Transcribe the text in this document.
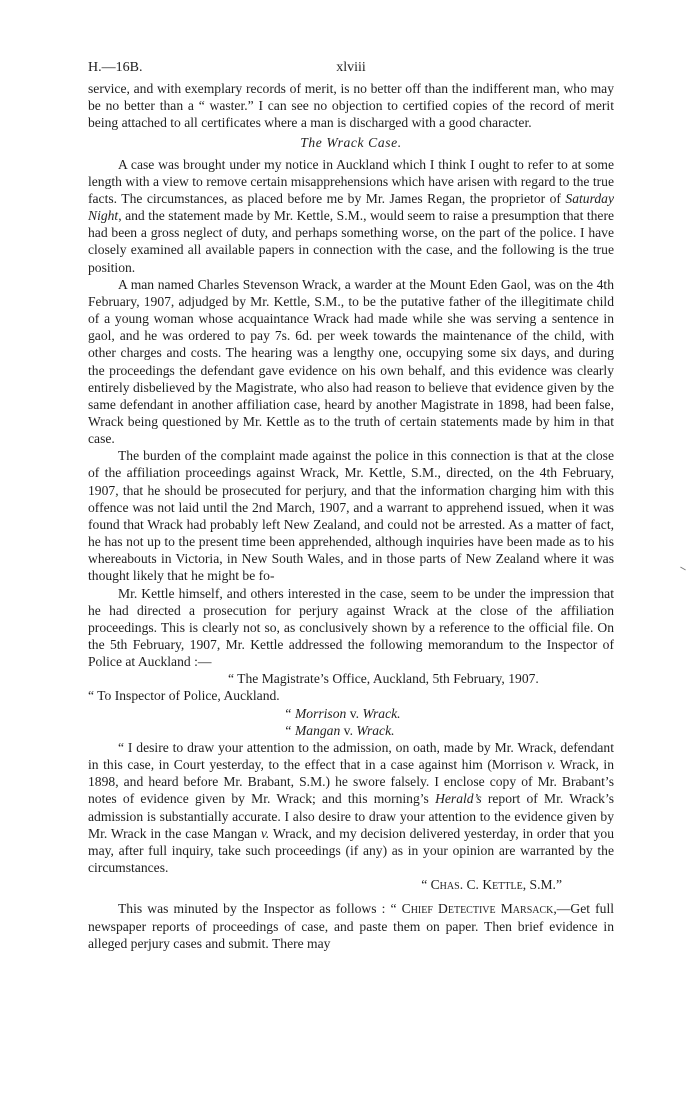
H.—16B.	xlviii

service, and with exemplary records of merit, is no better off than the indifferent man, who may be no better than a “ waster.” I can see no objection to certified copies of the record of merit being attached to all certificates where a man is discharged with a good character.

The Wrack Case.

A case was brought under my notice in Auckland which I think I ought to refer to at some length with a view to remove certain misapprehensions which have arisen with regard to the true facts. The circumstances, as placed before me by Mr. James Regan, the proprietor of Saturday Night, and the statement made by Mr. Kettle, S.M., would seem to raise a presumption that there had been a gross neglect of duty, and perhaps something worse, on the part of the police. I have closely examined all available papers in connection with the case, and the following is the true position.

A man named Charles Stevenson Wrack, a warder at the Mount Eden Gaol, was on the 4th February, 1907, adjudged by Mr. Kettle, S.M., to be the putative father of the illegitimate child of a young woman whose acquaintance Wrack had made while she was serving a sentence in gaol, and he was ordered to pay 7s. 6d. per week towards the maintenance of the child, with other charges and costs. The hearing was a lengthy one, occupying some six days, and during the proceedings the defendant gave evidence on his own behalf, and this evidence was clearly entirely disbelieved by the Magistrate, who also had reason to believe that evidence given by the same defendant in another affiliation case, heard by another Magistrate in 1898, had been false, Wrack being questioned by Mr. Kettle as to the truth of certain statements made by him in that case.

The burden of the complaint made against the police in this connection is that at the close of the affiliation proceedings against Wrack, Mr. Kettle, S.M., directed, on the 4th February, 1907, that he should be prosecuted for perjury, and that the information charging him with this offence was not laid until the 2nd March, 1907, and a warrant to apprehend issued, when it was found that Wrack had probably left New Zealand, and could not be arrested. As a matter of fact, he has not up to the present time been apprehended, although inquiries have been made as to his whereabouts in Victoria, in New South Wales, and in those parts of New Zealand where it was thought likely that he might be fo-

Mr. Kettle himself, and others interested in the case, seem to be under the impression that he had directed a prosecution for perjury against Wrack at the close of the affiliation proceedings. This is clearly not so, as conclusively shown by a reference to the official file. On the 5th February, 1907, Mr. Kettle addressed the following memorandum to the Inspector of Police at Auckland :—

“ The Magistrate’s Office, Auckland, 5th February, 1907.

“ To Inspector of Police, Auckland.

“ Morrison v. Wrack.

“ Mangan v. Wrack.

“ I desire to draw your attention to the admission, on oath, made by Mr. Wrack, defendant in this case, in Court yesterday, to the effect that in a case against him (Morrison v. Wrack, in 1898, and heard before Mr. Brabant, S.M.) he swore falsely. I enclose copy of Mr. Brabant’s notes of evidence given by Mr. Wrack; and this morning’s Herald’s report of Mr. Wrack’s admission is substantially accurate. I also desire to draw your attention to the evidence given by Mr. Wrack in the case Mangan v. Wrack, and my decision delivered yesterday, in order that you may, after full inquiry, take such proceedings (if any) as in your opinion are warranted by the circumstances.

“ Chas. C. Kettle, S.M.”

This was minuted by the Inspector as follows : “ Chief Detective Marsack,—Get full newspaper reports of proceedings of case, and paste them on paper. Then brief evidence in alleged perjury cases and submit. There may
